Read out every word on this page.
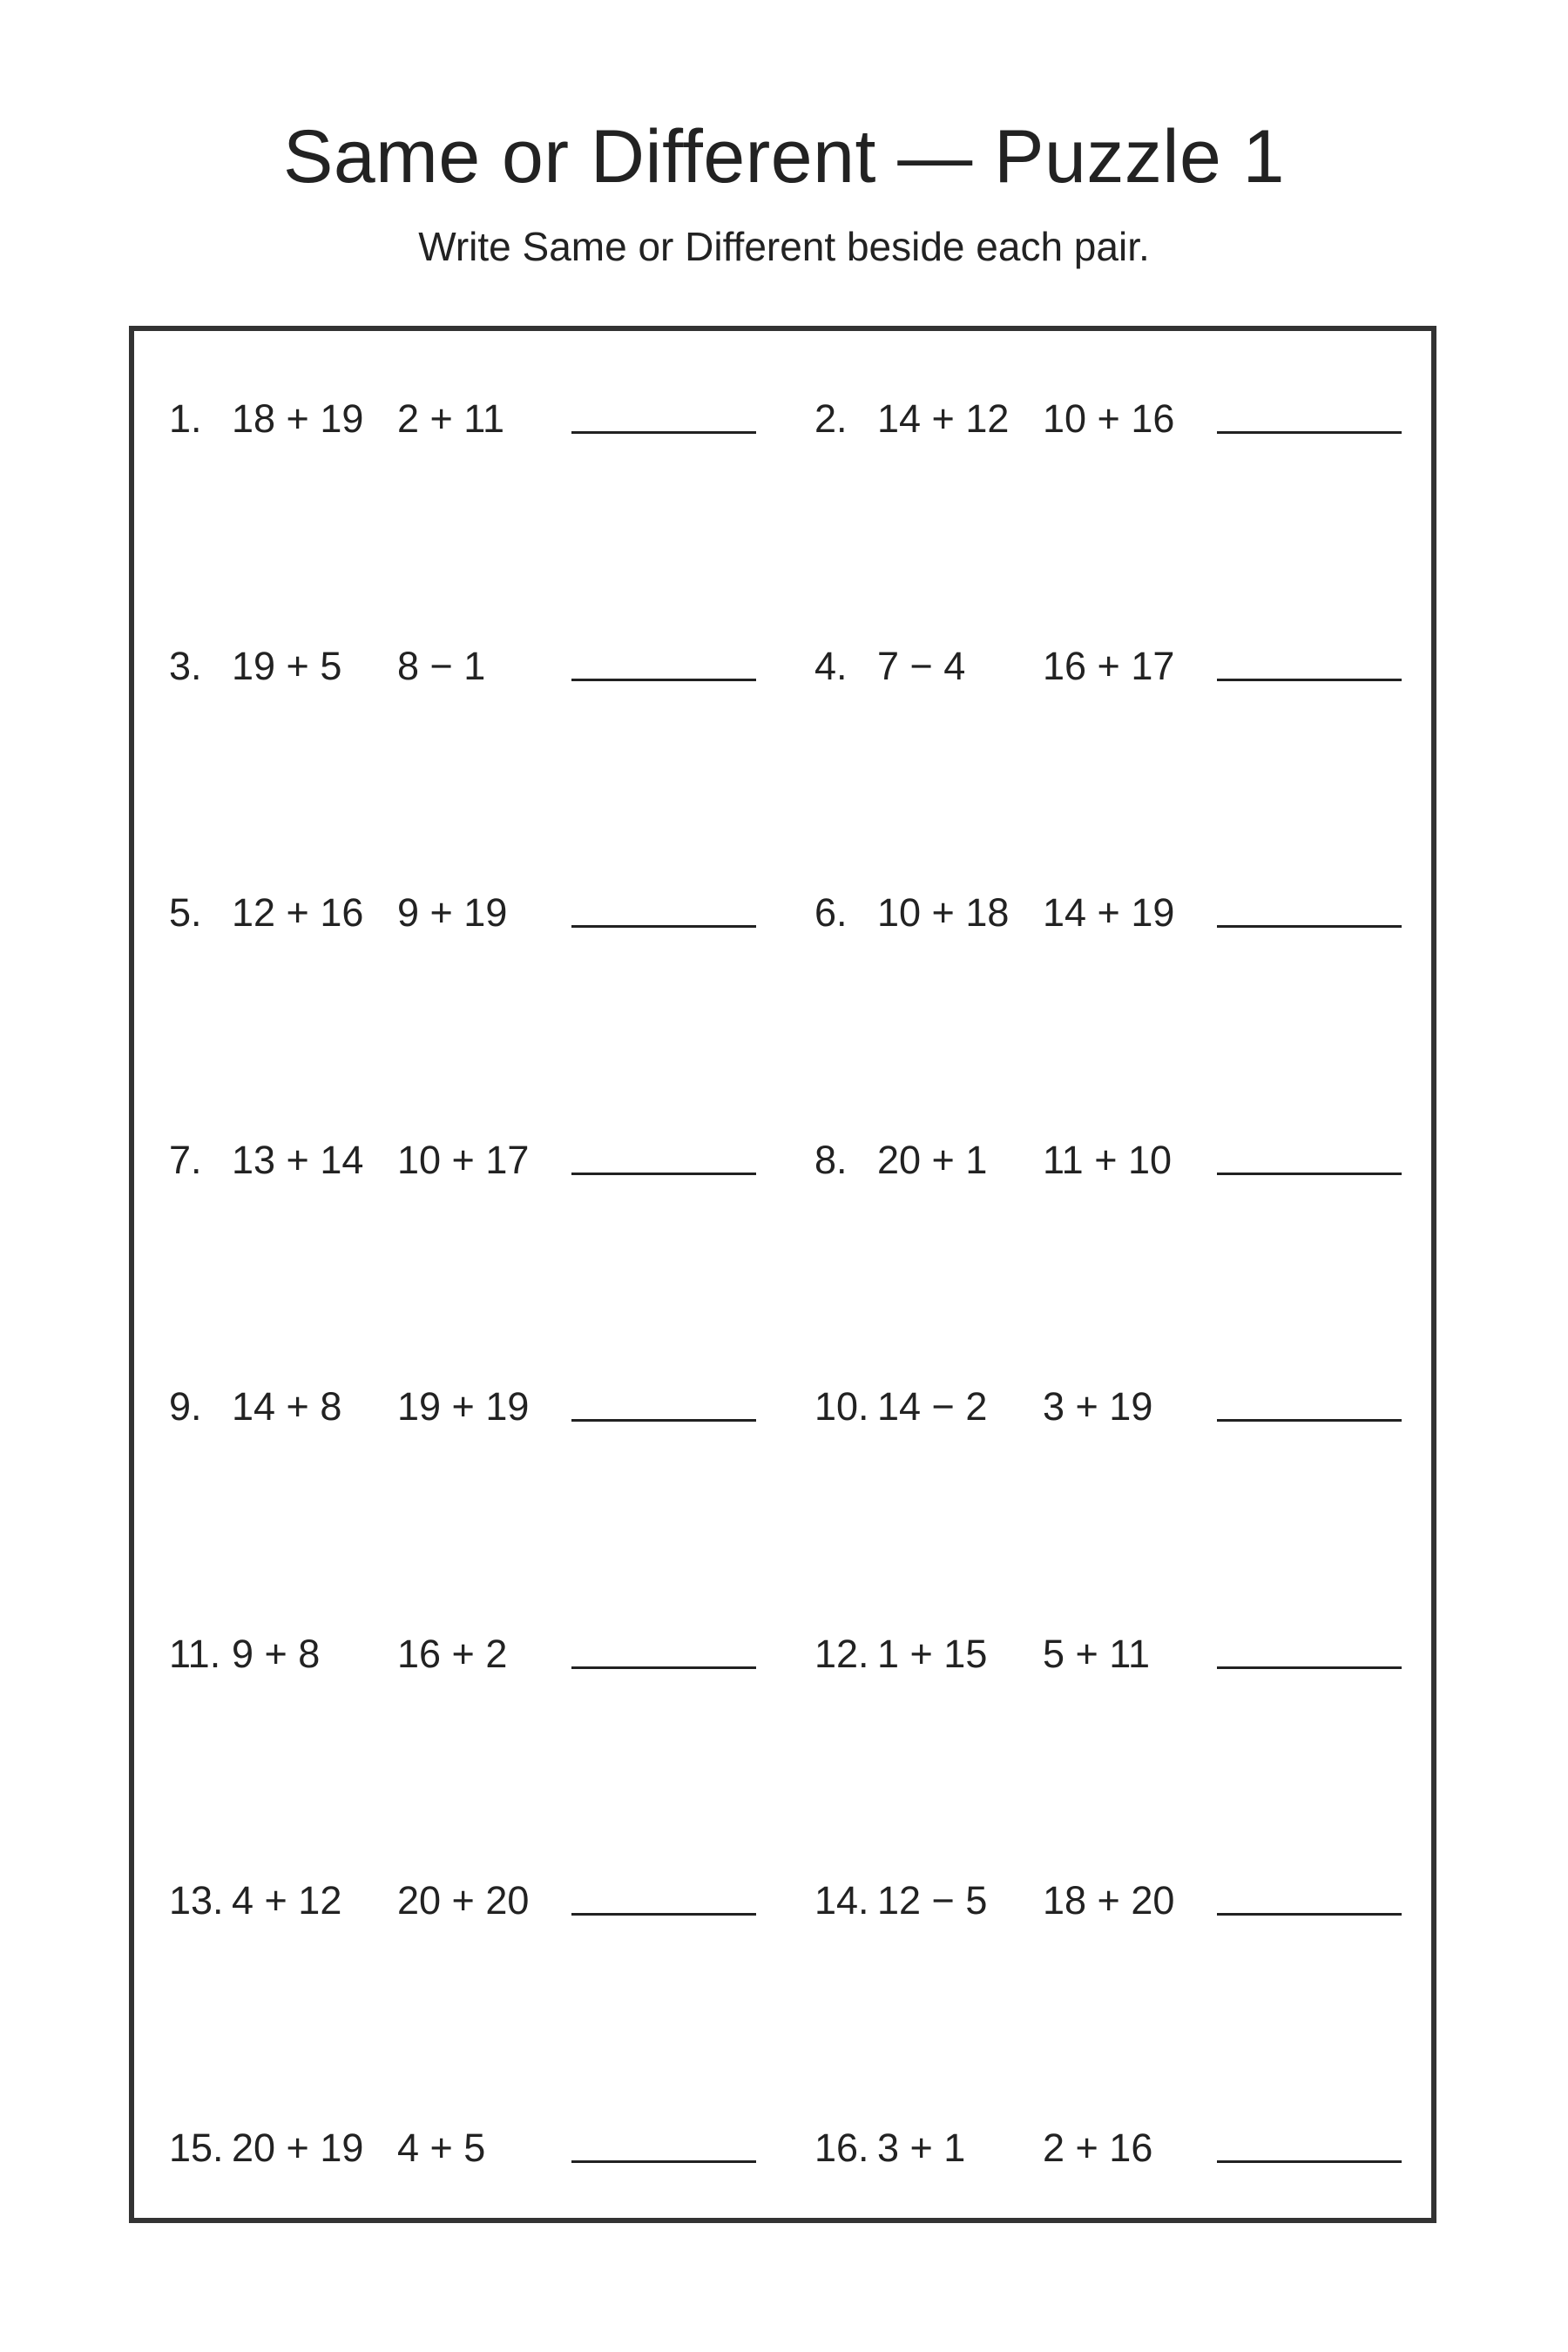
Same or Different — Puzzle 1

Write Same or Different beside each pair.

1. 18 + 19 2 + 11	2. 14 + 12 10 + 16
3. 19 + 5 8 − 1	4. 7 − 4 16 + 17
5. 12 + 16 9 + 19	6. 10 + 18 14 + 19
7. 13 + 14 10 + 17	8. 20 + 1 11 + 10
9. 14 + 8 19 + 19	10. 14 − 2 3 + 19
11. 9 + 8 16 + 2	12. 1 + 15 5 + 11
13. 4 + 12 20 + 20	14. 12 − 5 18 + 20
15. 20 + 19 4 + 5	16. 3 + 1 2 + 16
